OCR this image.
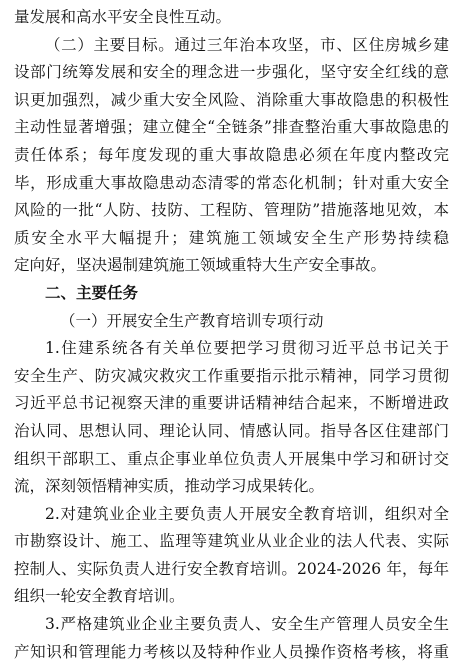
量发展和高水平安全良性互动。
（二）主要目标。通过三年治本攻坚，市、区住房城乡建
设部门统筹发展和安全的理念进一步强化，坚守安全红线的意
识更加强烈，减少重大安全风险、消除重大事故隐患的积极性
主动性显著增强；建立健全“全链条”排查整治重大事故隐患的
责任体系；每年度发现的重大事故隐患必须在年度内整改完
毕，形成重大事故隐患动态清零的常态化机制；针对重大安全
风险的一批“人防、技防、工程防、管理防”措施落地见效，本
质安全水平大幅提升；建筑施工领域安全生产形势持续稳
定向好，坚决遏制建筑施工领域重特大生产安全事故。
二、主要任务
（一）开展安全生产教育培训专项行动
1.住建系统各有关单位要把学习贯彻习近平总书记关于
安全生产、防灾减灾救灾工作重要指示批示精神，同学习贯彻
习近平总书记视察天津的重要讲话精神结合起来，不断增进政
治认同、思想认同、理论认同、情感认同。指导各区住建部门
组织干部职工、重点企事业单位负责人开展集中学习和研讨交
流，深刻领悟精神实质，推动学习成果转化。
2.对建筑业企业主要负责人开展安全教育培训，组织对全
市勘察设计、施工、监理等建筑业从业企业的法人代表、实际
控制人、实际负责人进行安全教育培训。2024-2026 年，每年
组织一轮安全教育培训。
3.严格建筑业企业主要负责人、安全生产管理人员安全生
产知识和管理能力考核以及特种作业人员操作资格考核，将重
